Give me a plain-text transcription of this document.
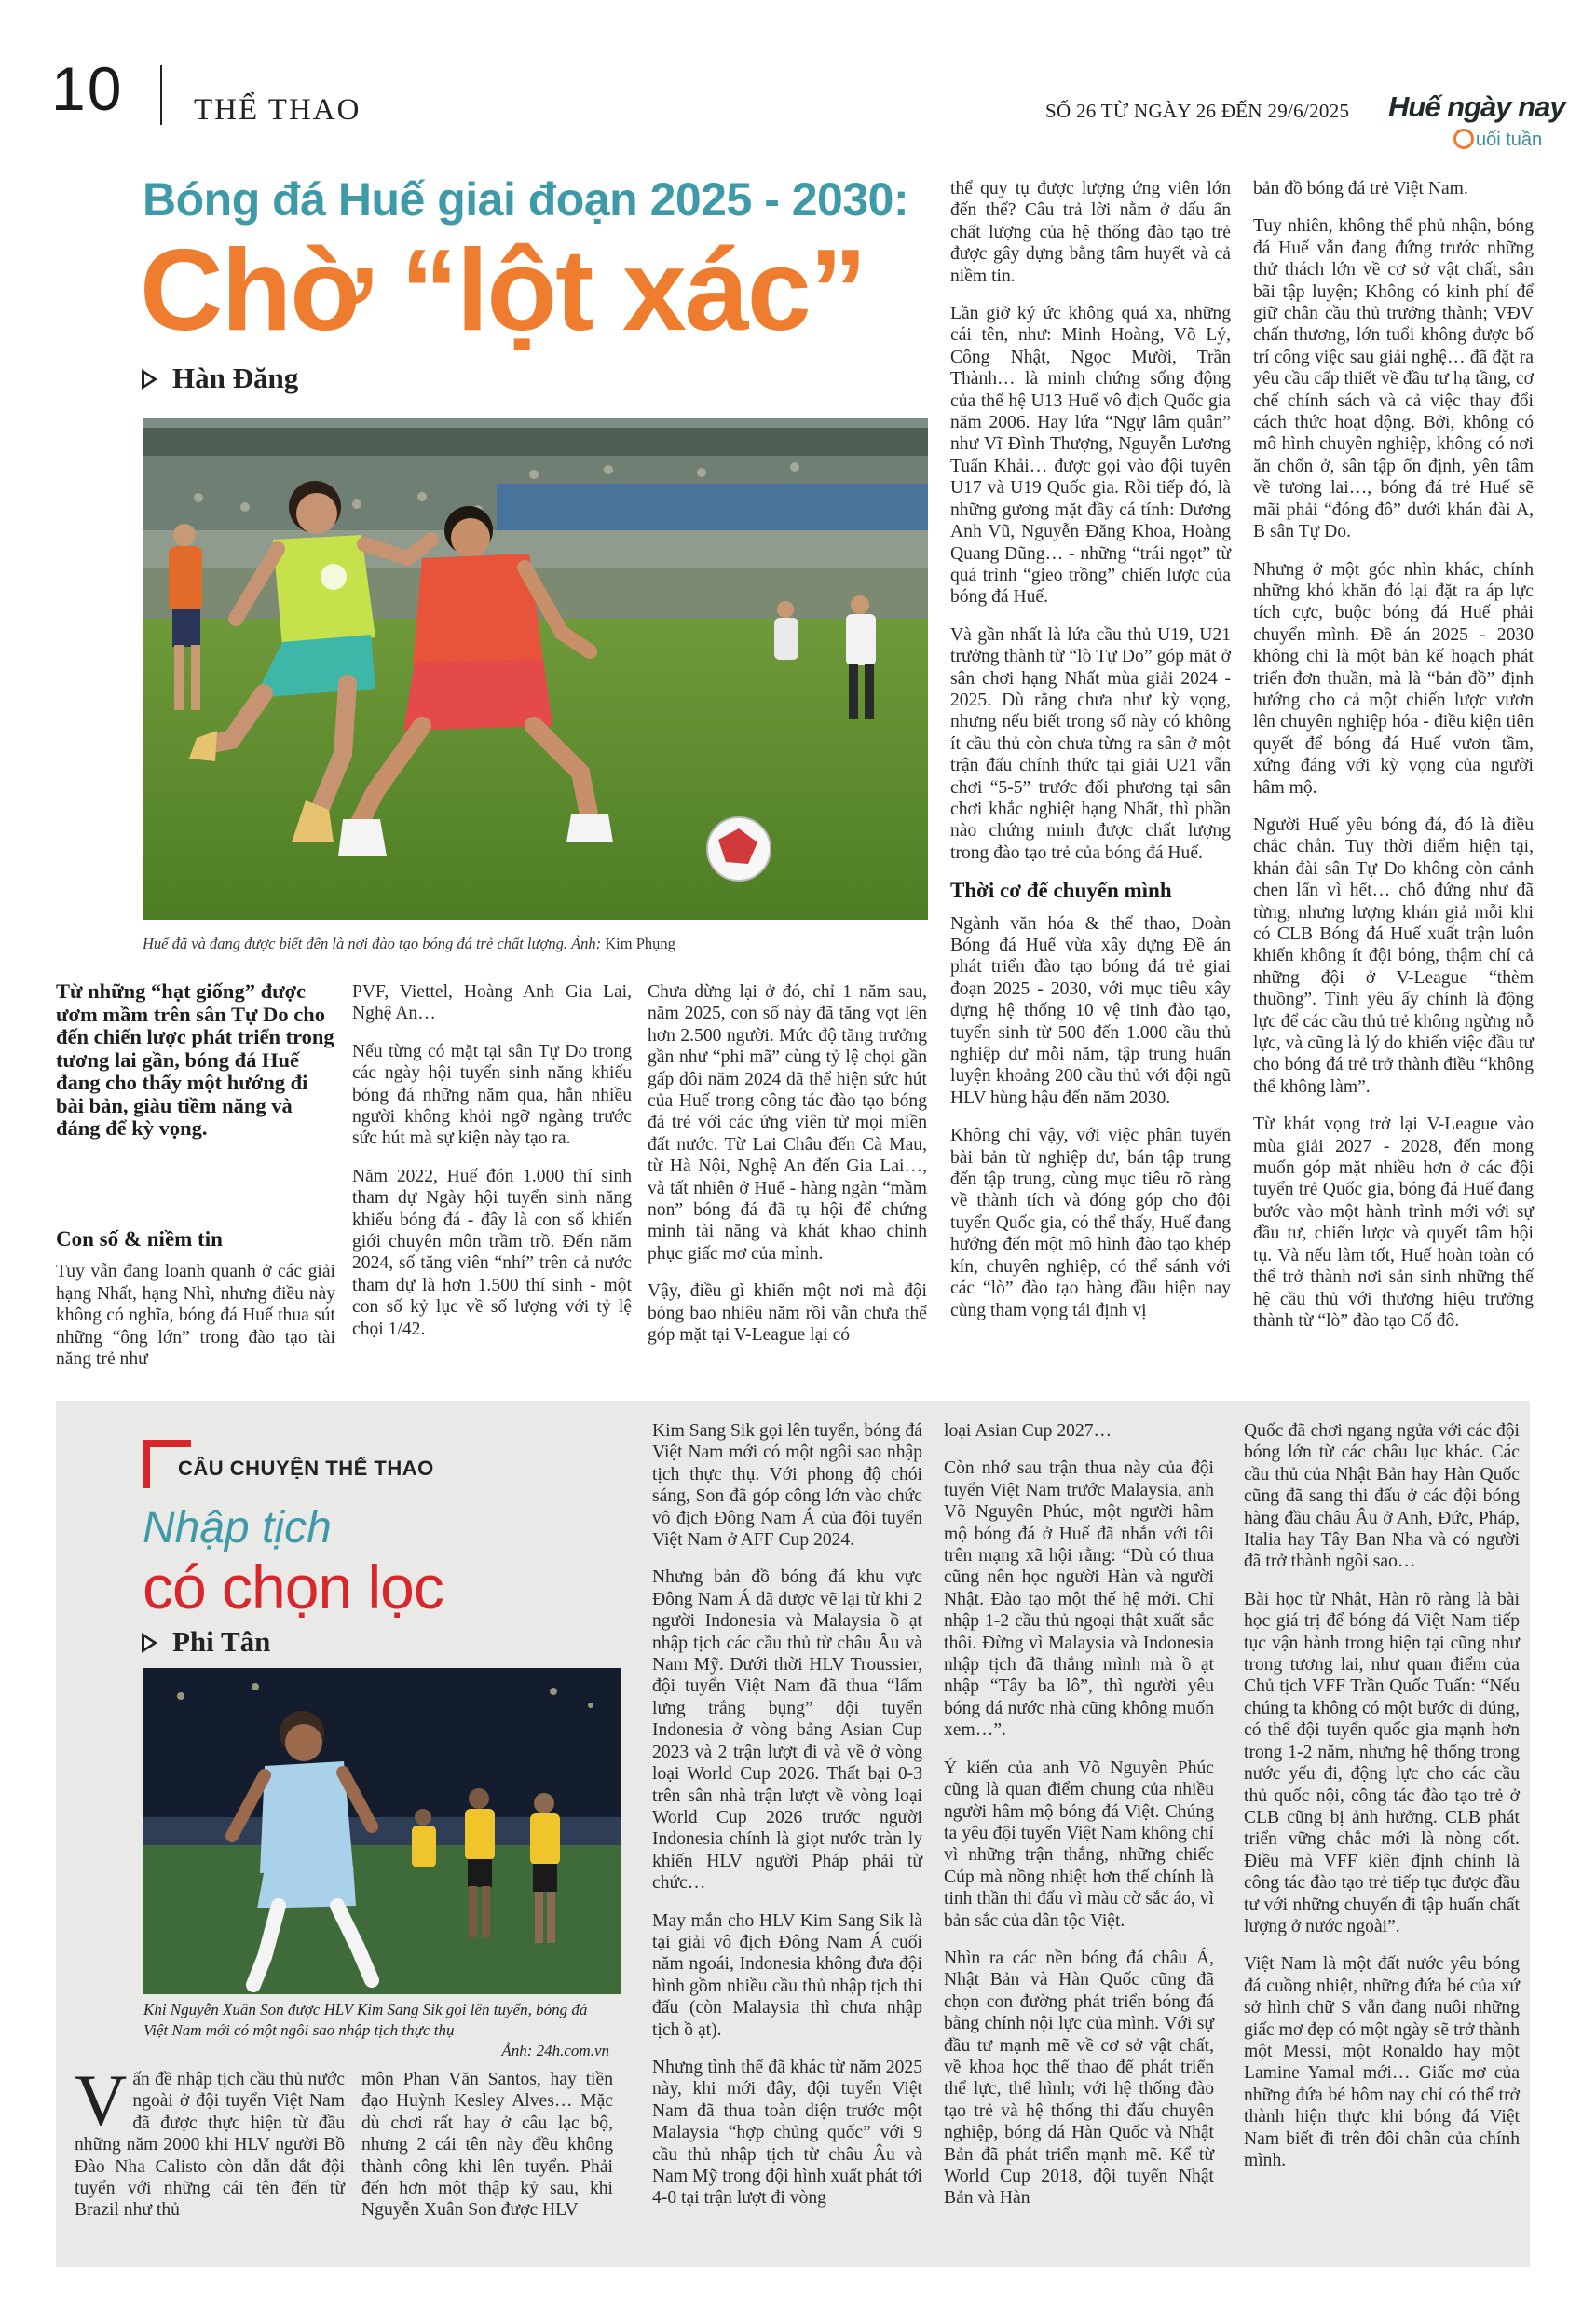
10 THỂ THAO	SỐ 26 TỪ NGÀY 26 ĐẾN 29/6/2025 Huế ngày nay
uối tuần
Bóng đá Huế giai đoạn 2025 - 2030:
Chờ “lột xác”
Hàn Đăng
Huế đã và đang được biết đến là nơi đào tạo bóng đá trẻ chất lượng. Ảnh: Kim Phụng
Từ những “hạt giống” được ươm mầm trên sân Tự Do cho đến chiến lược phát triển trong tương lai gần, bóng đá Huế đang cho thấy một hướng đi bài bản, giàu tiềm năng và đáng để kỳ vọng.
Con số & niềm tin

Tuy vẫn đang loanh quanh ở các giải hạng Nhất, hạng Nhì, nhưng điều này không có nghĩa, bóng đá Huế thua sút những “ông lớn” trong đào tạo tài năng trẻ như

PVF, Viettel, Hoàng Anh Gia Lai, Nghệ An…

Nếu từng có mặt tại sân Tự Do trong các ngày hội tuyển sinh năng khiếu bóng đá những năm qua, hẳn nhiều người không khỏi ngỡ ngàng trước sức hút mà sự kiện này tạo ra.

Năm 2022, Huế đón 1.000 thí sinh tham dự Ngày hội tuyển sinh năng khiếu bóng đá - đây là con số khiến giới chuyên môn trầm trồ. Đến năm 2024, số tăng viên “nhí” trên cả nước tham dự là hơn 1.500 thí sinh - một con số kỷ lục về số lượng với tỷ lệ chọi 1/42.

Chưa dừng lại ở đó, chỉ 1 năm sau, năm 2025, con số này đã tăng vọt lên hơn 2.500 người. Mức độ tăng trưởng gần như “phi mã” cùng tỷ lệ chọi gần gấp đôi năm 2024 đã thể hiện sức hút của Huế trong công tác đào tạo bóng đá trẻ với các ứng viên từ mọi miền đất nước. Từ Lai Châu đến Cà Mau, từ Hà Nội, Nghệ An đến Gia Lai…, và tất nhiên ở Huế - hàng ngàn “mầm non” bóng đá đã tụ hội để chứng minh tài năng và khát khao chinh phục giấc mơ của mình.

Vậy, điều gì khiến một nơi mà đội bóng bao nhiêu năm rồi vẫn chưa thể góp mặt tại V-League lại có

thể quy tụ được lượng ứng viên lớn đến thế? Câu trả lời nằm ở dấu ấn chất lượng của hệ thống đào tạo trẻ được gây dựng bằng tâm huyết và cả niềm tin.

Lần giở ký ức không quá xa, những cái tên, như: Minh Hoàng, Võ Lý, Công Nhật, Ngọc Mười, Trần Thành… là minh chứng sống động của thế hệ U13 Huế vô địch Quốc gia năm 2006. Hay lứa “Ngự lâm quân” như Vĩ Đình Thượng, Nguyễn Lương Tuấn Khải… được gọi vào đội tuyển U17 và U19 Quốc gia. Rồi tiếp đó, là những gương mặt đầy cá tính: Dương Anh Vũ, Nguyễn Đăng Khoa, Hoàng Quang Dũng… - những “trái ngọt” từ quá trình “gieo trồng” chiến lược của bóng đá Huế.

Và gần nhất là lứa cầu thủ U19, U21 trưởng thành từ “lò Tự Do” góp mặt ở sân chơi hạng Nhất mùa giải 2024 - 2025. Dù rằng chưa như kỳ vọng, nhưng nếu biết trong số này có không ít cầu thủ còn chưa từng ra sân ở một trận đấu chính thức tại giải U21 vẫn chơi “5-5” trước đối phương tại sân chơi khắc nghiệt hạng Nhất, thì phần nào chứng minh được chất lượng trong đào tạo trẻ của bóng đá Huế.

Thời cơ để chuyển mình

Ngành văn hóa & thể thao, Đoàn Bóng đá Huế vừa xây dựng Đề án phát triển đào tạo bóng đá trẻ giai đoạn 2025 - 2030, với mục tiêu xây dựng hệ thống 10 vệ tinh đào tạo, tuyển sinh từ 500 đến 1.000 cầu thủ nghiệp dư mỗi năm, tập trung huấn luyện khoảng 200 cầu thủ với đội ngũ HLV hùng hậu đến năm 2030.

Không chỉ vậy, với việc phân tuyến bài bản từ nghiệp dư, bán tập trung đến tập trung, cùng mục tiêu rõ ràng về thành tích và đóng góp cho đội tuyển Quốc gia, có thể thấy, Huế đang hướng đến một mô hình đào tạo khép kín, chuyên nghiệp, có thể sánh với các “lò” đào tạo hàng đầu hiện nay cùng tham vọng tái định vị

bản đồ bóng đá trẻ Việt Nam.

Tuy nhiên, không thể phủ nhận, bóng đá Huế vẫn đang đứng trước những thử thách lớn về cơ sở vật chất, sân bãi tập luyện; Không có kinh phí để giữ chân cầu thủ trưởng thành; VĐV chấn thương, lớn tuổi không được bố trí công việc sau giải nghệ… đã đặt ra yêu cầu cấp thiết về đầu tư hạ tầng, cơ chế chính sách và cả việc thay đổi cách thức hoạt động. Bởi, không có mô hình chuyên nghiệp, không có nơi ăn chốn ở, sân tập ổn định, yên tâm về tương lai…, bóng đá trẻ Huế sẽ mãi phải “đóng đô” dưới khán đài A, B sân Tự Do.

Nhưng ở một góc nhìn khác, chính những khó khăn đó lại đặt ra áp lực tích cực, buộc bóng đá Huế phải chuyển mình. Đề án 2025 - 2030 không chỉ là một bản kế hoạch phát triển đơn thuần, mà là “bản đồ” định hướng cho cả một chiến lược vươn lên chuyên nghiệp hóa - điều kiện tiên quyết để bóng đá Huế vươn tầm, xứng đáng với kỳ vọng của người hâm mộ.

Người Huế yêu bóng đá, đó là điều chắc chắn. Tuy thời điểm hiện tại, khán đài sân Tự Do không còn cảnh chen lấn vì hết… chỗ đứng như đã từng, nhưng lượng khán giả mỗi khi có CLB Bóng đá Huế xuất trận luôn khiến không ít đội bóng, thậm chí cả những đội ở V-League “thèm thuồng”. Tình yêu ấy chính là động lực để các cầu thủ trẻ không ngừng nỗ lực, và cũng là lý do khiến việc đầu tư cho bóng đá trẻ trở thành điều “không thể không làm”.

Từ khát vọng trở lại V-League vào mùa giải 2027 - 2028, đến mong muốn góp mặt nhiều hơn ở các đội tuyển trẻ Quốc gia, bóng đá Huế đang bước vào một hành trình mới với sự đầu tư, chiến lược và quyết tâm hội tụ. Và nếu làm tốt, Huế hoàn toàn có thể trở thành nơi sản sinh những thế hệ cầu thủ với thương hiệu trưởng thành từ “lò” đào tạo Cố đô.

CÂU CHUYỆN THỂ THAO
Nhập tịch
có chọn lọc
Phi Tân
Khi Nguyễn Xuân Son được HLV Kim Sang Sik gọi lên tuyển, bóng đá Việt Nam mới có một ngôi sao nhập tịch thực thụ
Ảnh: 24h.com.vn

Vấn đề nhập tịch cầu thủ nước ngoài ở đội tuyển Việt Nam đã được thực hiện từ đầu những năm 2000 khi HLV người Bồ Đào Nha Calisto còn dẫn dắt đội tuyển với những cái tên đến từ Brazil như thủ

môn Phan Văn Santos, hay tiền đạo Huỳnh Kesley Alves… Mặc dù chơi rất hay ở câu lạc bộ, nhưng 2 cái tên này đều không thành công khi lên tuyển. Phải đến hơn một thập kỷ sau, khi Nguyễn Xuân Son được HLV

Kim Sang Sik gọi lên tuyển, bóng đá Việt Nam mới có một ngôi sao nhập tịch thực thụ. Với phong độ chói sáng, Son đã góp công lớn vào chức vô địch Đông Nam Á của đội tuyển Việt Nam ở AFF Cup 2024.

Nhưng bản đồ bóng đá khu vực Đông Nam Á đã được vẽ lại từ khi 2 người Indonesia và Malaysia ồ ạt nhập tịch các cầu thủ từ châu Âu và Nam Mỹ. Dưới thời HLV Troussier, đội tuyển Việt Nam đã thua “lấm lưng trắng bụng” đội tuyển Indonesia ở vòng bảng Asian Cup 2023 và 2 trận lượt đi và về ở vòng loại World Cup 2026. Thất bại 0-3 trên sân nhà trận lượt về vòng loại World Cup 2026 trước người Indonesia chính là giọt nước tràn ly khiến HLV người Pháp phải từ chức…

May mắn cho HLV Kim Sang Sik là tại giải vô địch Đông Nam Á cuối năm ngoái, Indonesia không đưa đội hình gồm nhiều cầu thủ nhập tịch thi đấu (còn Malaysia thì chưa nhập tịch ồ ạt).

Nhưng tình thế đã khác từ năm 2025 này, khi mới đây, đội tuyển Việt Nam đã thua toàn diện trước một Malaysia “hợp chủng quốc” với 9 cầu thủ nhập tịch từ châu Âu và Nam Mỹ trong đội hình xuất phát tới 4-0 tại trận lượt đi vòng

loại Asian Cup 2027…

Còn nhớ sau trận thua này của đội tuyển Việt Nam trước Malaysia, anh Võ Nguyên Phúc, một người hâm mộ bóng đá ở Huế đã nhắn với tôi trên mạng xã hội rằng: “Dù có thua cũng nên học người Hàn và người Nhật. Đào tạo một thế hệ mới. Chỉ nhập 1-2 cầu thủ ngoại thật xuất sắc thôi. Đừng vì Malaysia và Indonesia nhập tịch đã thắng mình mà ồ ạt nhập “Tây ba lô”, thì người yêu bóng đá nước nhà cũng không muốn xem…”.

Ý kiến của anh Võ Nguyên Phúc cũng là quan điểm chung của nhiều người hâm mộ bóng đá Việt. Chúng ta yêu đội tuyển Việt Nam không chỉ vì những trận thắng, những chiếc Cúp mà nồng nhiệt hơn thế chính là tinh thần thi đấu vì màu cờ sắc áo, vì bản sắc của dân tộc Việt.

Nhìn ra các nền bóng đá châu Á, Nhật Bản và Hàn Quốc cũng đã chọn con đường phát triển bóng đá bằng chính nội lực của mình. Với sự đầu tư mạnh mẽ về cơ sở vật chất, về khoa học thể thao để phát triển thể lực, thể hình; với hệ thống đào tạo trẻ và hệ thống thi đấu chuyên nghiệp, bóng đá Hàn Quốc và Nhật Bản đã phát triển mạnh mẽ. Kể từ World Cup 2018, đội tuyển Nhật Bản và Hàn

Quốc đã chơi ngang ngửa với các đội bóng lớn từ các châu lục khác. Các cầu thủ của Nhật Bản hay Hàn Quốc cũng đã sang thi đấu ở các đội bóng hàng đầu châu Âu ở Anh, Đức, Pháp, Italia hay Tây Ban Nha và có người đã trở thành ngôi sao…

Bài học từ Nhật, Hàn rõ ràng là bài học giá trị để bóng đá Việt Nam tiếp tục vận hành trong hiện tại cũng như trong tương lai, như quan điểm của Chủ tịch VFF Trần Quốc Tuấn: “Nếu chúng ta không có một bước đi đúng, có thể đội tuyển quốc gia mạnh hơn trong 1-2 năm, nhưng hệ thống trong nước yếu đi, động lực cho các cầu thủ quốc nội, công tác đào tạo trẻ ở CLB cũng bị ảnh hưởng. CLB phát triển vững chắc mới là nòng cốt. Điều mà VFF kiên định chính là công tác đào tạo trẻ tiếp tục được đầu tư với những chuyến đi tập huấn chất lượng ở nước ngoài”.

Việt Nam là một đất nước yêu bóng đá cuồng nhiệt, những đứa bé của xứ sở hình chữ S vẫn đang nuôi những giấc mơ đẹp có một ngày sẽ trở thành một Messi, một Ronaldo hay một Lamine Yamal mới… Giấc mơ của những đứa bé hôm nay chỉ có thể trở thành hiện thực khi bóng đá Việt Nam biết đi trên đôi chân của chính mình.
